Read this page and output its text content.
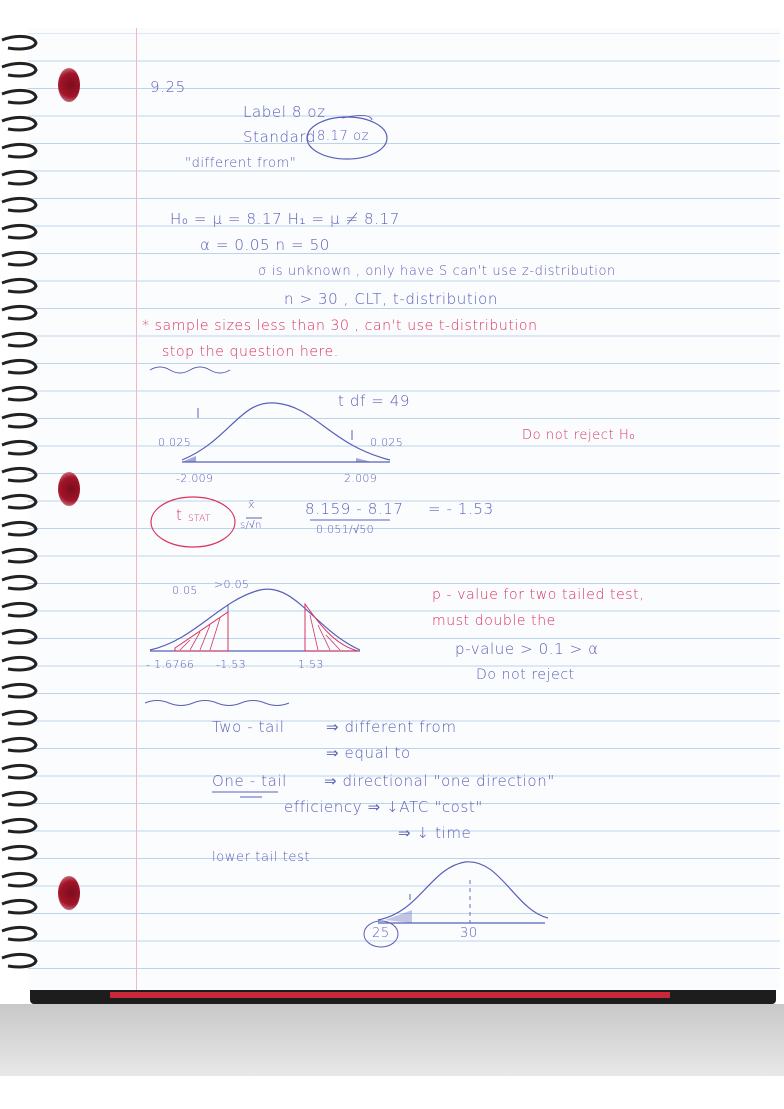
9.25
Label 8 oz
Standard 8.17 oz
"different from"
H₀ = μ = 8.17 H₁ = μ ≠ 8.17
α = 0.05 n = 50
σ is unknown , only have S can't use z-distribution
n > 30 , CLT, t-distribution
* sample sizes less than 30 , can't use t-distribution
stop the question here.
t df = 49
0.025	0.025
-2.009	2.009
Do not reject H₀
t STAT
x̄
s/√n
8.159 - 8.17
0.051/√50
= - 1.53
0.05 >0.05
- 1.6766 -1.53	1.53
p - value for two tailed test,
must double the
p-value > 0.1 > α
Do not reject
Two - tail	⇒ different from
⇒ equal to
One - tail ⇒ directional "one direction"
efficiency ⇒ ↓ATC "cost"
⇒ ↓ time
lower tail test
25	30
